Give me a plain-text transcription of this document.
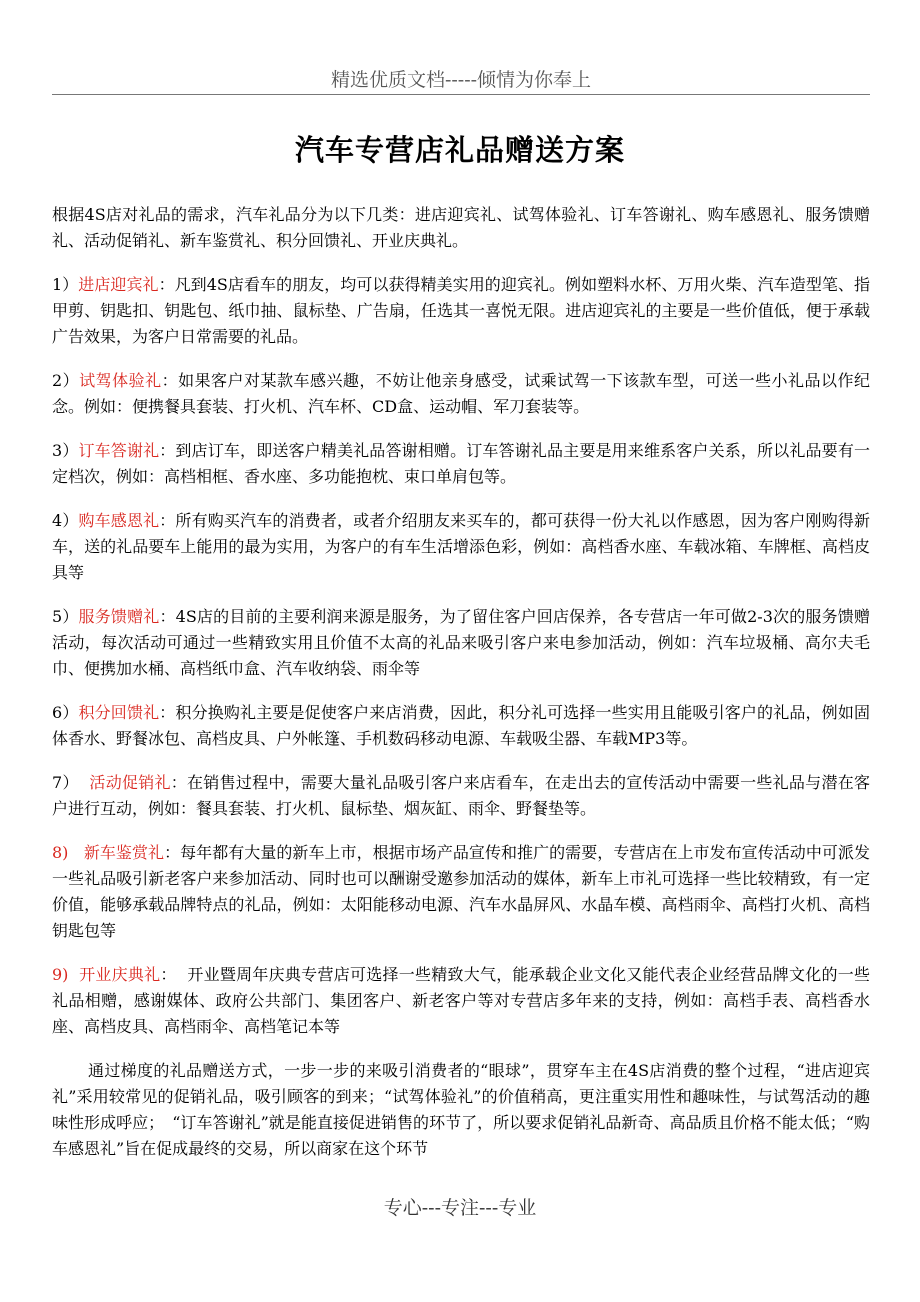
精选优质文档-----倾情为你奉上
汽车专营店礼品赠送方案

根据4S店对礼品的需求，汽车礼品分为以下几类：进店迎宾礼、试驾体验礼、订车答谢礼、购车感恩礼、服务馈赠礼、活动促销礼、新车鉴赏礼、积分回馈礼、开业庆典礼。

1）进店迎宾礼：凡到4S店看车的朋友，均可以获得精美实用的迎宾礼。例如塑料水杯、万用火柴、汽车造型笔、指甲剪、钥匙扣、钥匙包、纸巾抽、鼠标垫、广告扇，任选其一喜悦无限。进店迎宾礼的主要是一些价值低，便于承载广告效果，为客户日常需要的礼品。

2）试驾体验礼：如果客户对某款车感兴趣，不妨让他亲身感受，试乘试驾一下该款车型，可送一些小礼品以作纪念。例如：便携餐具套装、打火机、汽车杯、CD盒、运动帽、军刀套装等。

3）订车答谢礼：到店订车，即送客户精美礼品答谢相赠。订车答谢礼品主要是用来维系客户关系，所以礼品要有一定档次，例如：高档相框、香水座、多功能抱枕、束口单肩包等。

4）购车感恩礼：所有购买汽车的消费者，或者介绍朋友来买车的，都可获得一份大礼以作感恩，因为客户刚购得新车，送的礼品要车上能用的最为实用，为客户的有车生活增添色彩，例如：高档香水座、车载冰箱、车牌框、高档皮具等

5）服务馈赠礼：4S店的目前的主要利润来源是服务，为了留住客户回店保养，各专营店一年可做2-3次的服务馈赠活动，每次活动可通过一些精致实用且价值不太高的礼品来吸引客户来电参加活动，例如：汽车垃圾桶、高尔夫毛巾、便携加水桶、高档纸巾盒、汽车收纳袋、雨伞等

6）积分回馈礼：积分换购礼主要是促使客户来店消费，因此，积分礼可选择一些实用且能吸引客户的礼品，例如固体香水、野餐冰包、高档皮具、户外帐篷、手机数码移动电源、车载吸尘器、车载MP3等。

7）  活动促销礼：在销售过程中，需要大量礼品吸引客户来店看车，在走出去的宣传活动中需要一些礼品与潜在客户进行互动，例如：餐具套装、打火机、鼠标垫、烟灰缸、雨伞、野餐垫等。

8)   新车鉴赏礼：每年都有大量的新车上市，根据市场产品宣传和推广的需要，专营店在上市发布宣传活动中可派发一些礼品吸引新老客户来参加活动、同时也可以酬谢受邀参加活动的媒体，新车上市礼可选择一些比较精致，有一定价值，能够承载品牌特点的礼品，例如：太阳能移动电源、汽车水晶屏风、水晶车模、高档雨伞、高档打火机、高档钥匙包等

9)  开业庆典礼：  开业暨周年庆典专营店可选择一些精致大气，能承载企业文化又能代表企业经营品牌文化的一些礼品相赠，感谢媒体、政府公共部门、集团客户、新老客户等对专营店多年来的支持，例如：高档手表、高档香水座、高档皮具、高档雨伞、高档笔记本等

通过梯度的礼品赠送方式，一步一步的来吸引消费者的“眼球”，贯穿车主在4S店消费的整个过程，“进店迎宾礼”采用较常见的促销礼品，吸引顾客的到来；“试驾体验礼”的价值稍高，更注重实用性和趣味性，与试驾活动的趣味性形成呼应；　“订车答谢礼”就是能直接促进销售的环节了，所以要求促销礼品新奇、高品质且价格不能太低；“购车感恩礼”旨在促成最终的交易，所以商家在这个环节

专心---专注---专业
